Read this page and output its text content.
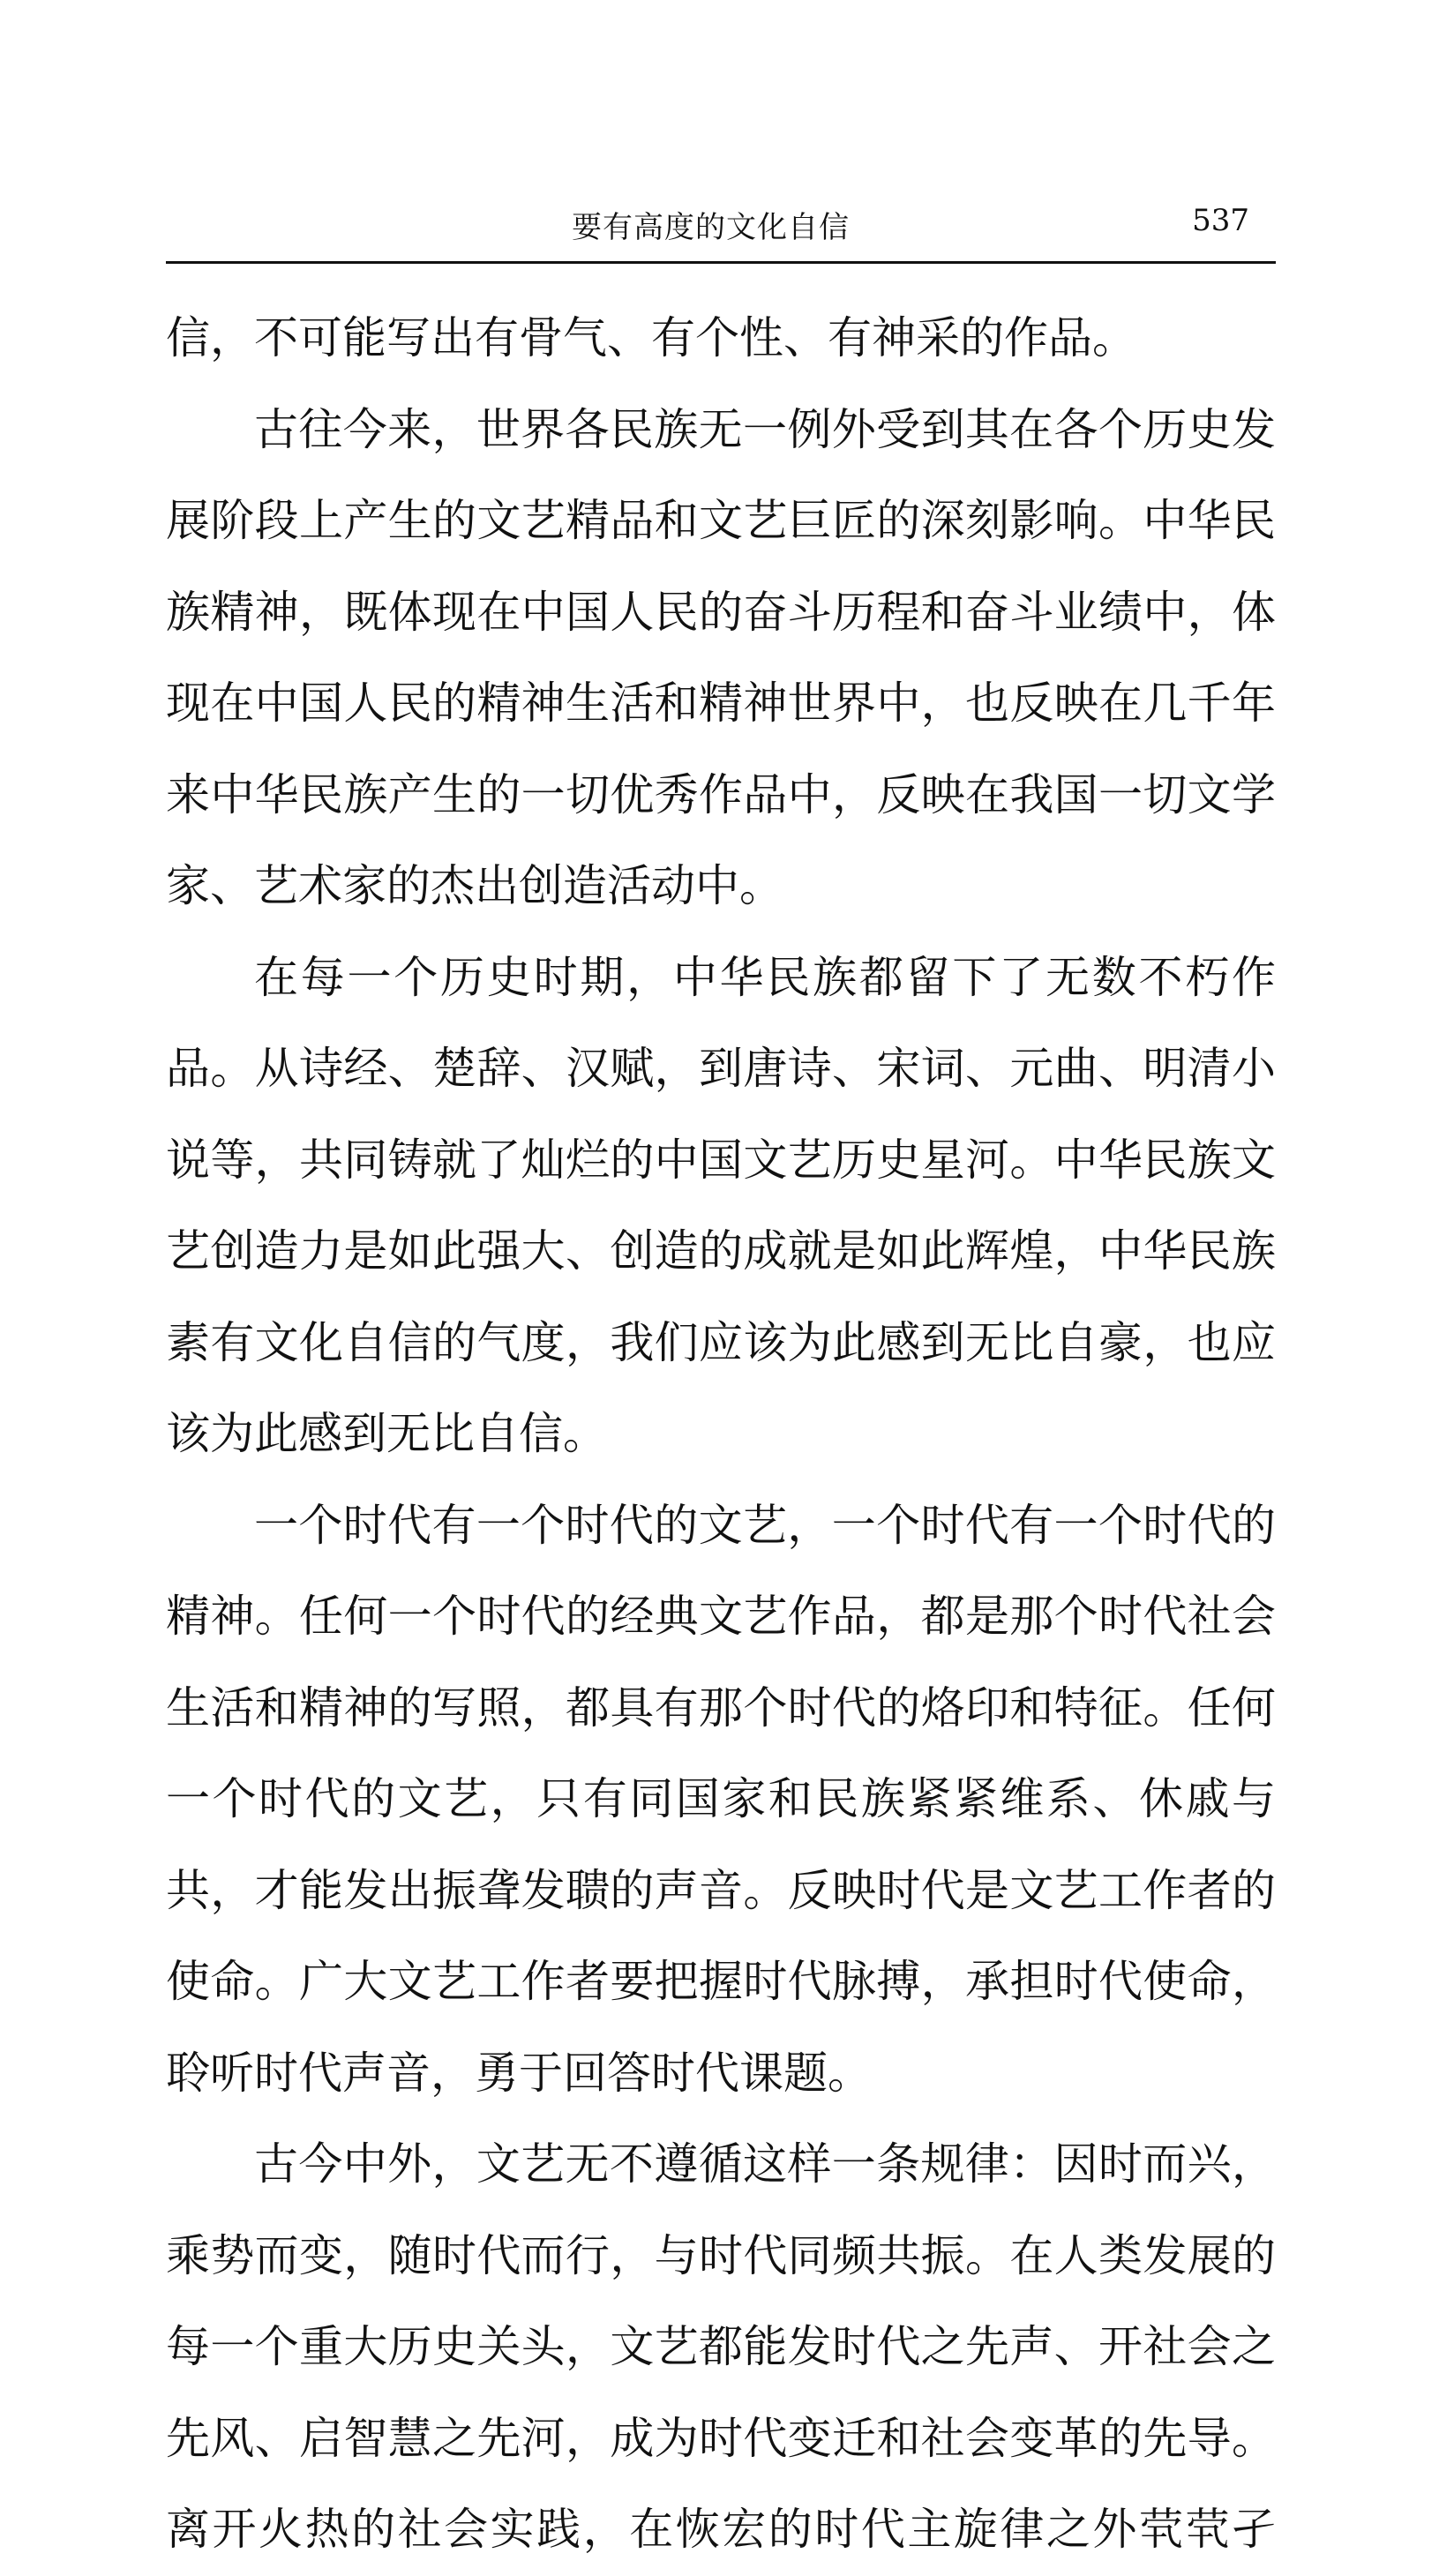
要有高度的文化自信	537
信，不可能写出有骨气、有个性、有神采的作品。
古往今来，世界各民族无一例外受到其在各个历史发
展阶段上产生的文艺精品和文艺巨匠的深刻影响。中华民
族精神，既体现在中国人民的奋斗历程和奋斗业绩中，体
现在中国人民的精神生活和精神世界中，也反映在几千年
来中华民族产生的一切优秀作品中，反映在我国一切文学
家、艺术家的杰出创造活动中。
在每一个历史时期，中华民族都留下了无数不朽作
品。从诗经、楚辞、汉赋，到唐诗、宋词、元曲、明清小
说等，共同铸就了灿烂的中国文艺历史星河。中华民族文
艺创造力是如此强大、创造的成就是如此辉煌，中华民族
素有文化自信的气度，我们应该为此感到无比自豪，也应
该为此感到无比自信。
一个时代有一个时代的文艺，一个时代有一个时代的
精神。任何一个时代的经典文艺作品，都是那个时代社会
生活和精神的写照，都具有那个时代的烙印和特征。任何
一个时代的文艺，只有同国家和民族紧紧维系、休戚与
共，才能发出振聋发聩的声音。反映时代是文艺工作者的
使命。广大文艺工作者要把握时代脉搏，承担时代使命，
聆听时代声音，勇于回答时代课题。
古今中外，文艺无不遵循这样一条规律：因时而兴，
乘势而变，随时代而行，与时代同频共振。在人类发展的
每一个重大历史关头，文艺都能发时代之先声、开社会之
先风、启智慧之先河，成为时代变迁和社会变革的先导。
离开火热的社会实践，在恢宏的时代主旋律之外茕茕孑
